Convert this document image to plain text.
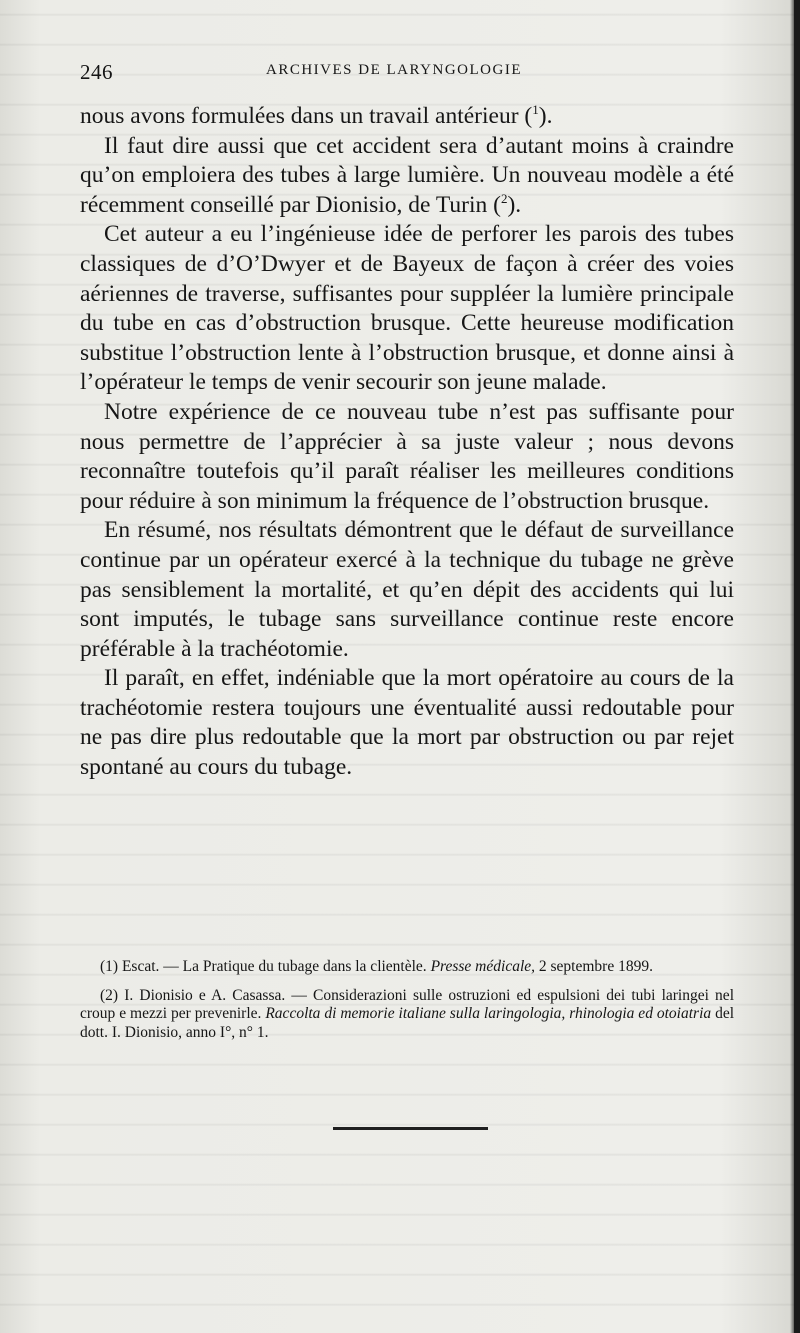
246	ARCHIVES DE LARYNGOLOGIE

nous avons formulées dans un travail antérieur ($^1$).

Il faut dire aussi que cet accident sera d’autant moins à craindre qu’on emploiera des tubes à large lumière. Un nouveau modèle a été récemment conseillé par Dionisio, de Turin ($^2$).

Cet auteur a eu l’ingénieuse idée de perforer les parois des tubes classiques de d’O’Dwyer et de Bayeux de façon à créer des voies aériennes de traverse, suffisantes pour suppléer la lumière principale du tube en cas d’obstruction brusque. Cette heureuse modification substitue l’obstruction lente à l’obstruction brusque, et donne ainsi à l’opérateur le temps de venir secourir son jeune malade.

Notre expérience de ce nouveau tube n’est pas suffisante pour nous permettre de l’apprécier à sa juste valeur ; nous devons reconnaître toutefois qu’il paraît réaliser les meilleures conditions pour réduire à son minimum la fréquence de l’obstruction brusque.

En résumé, nos résultats démontrent que le défaut de surveillance continue par un opérateur exercé à la technique du tubage ne grève pas sensiblement la mortalité, et qu’en dépit des accidents qui lui sont imputés, le tubage sans surveillance continue reste encore préférable à la trachéotomie.

Il paraît, en effet, indéniable que la mort opératoire au cours de la trachéotomie restera toujours une éventualité aussi redoutable pour ne pas dire plus redoutable que la mort par obstruction ou par rejet spontané au cours du tubage.

(1) Escat. — La Pratique du tubage dans la clientèle. Presse médicale, 2 septembre 1899.

(2) I. Dionisio e A. Casassa. — Considerazioni sulle ostruzioni ed espulsioni dei tubi laringei nel croup e mezzi per prevenirle. Raccolta di memorie italiane sulla laringologia, rhinologia ed otoiatria del dott. I. Dionisio, anno I°, n° 1.
